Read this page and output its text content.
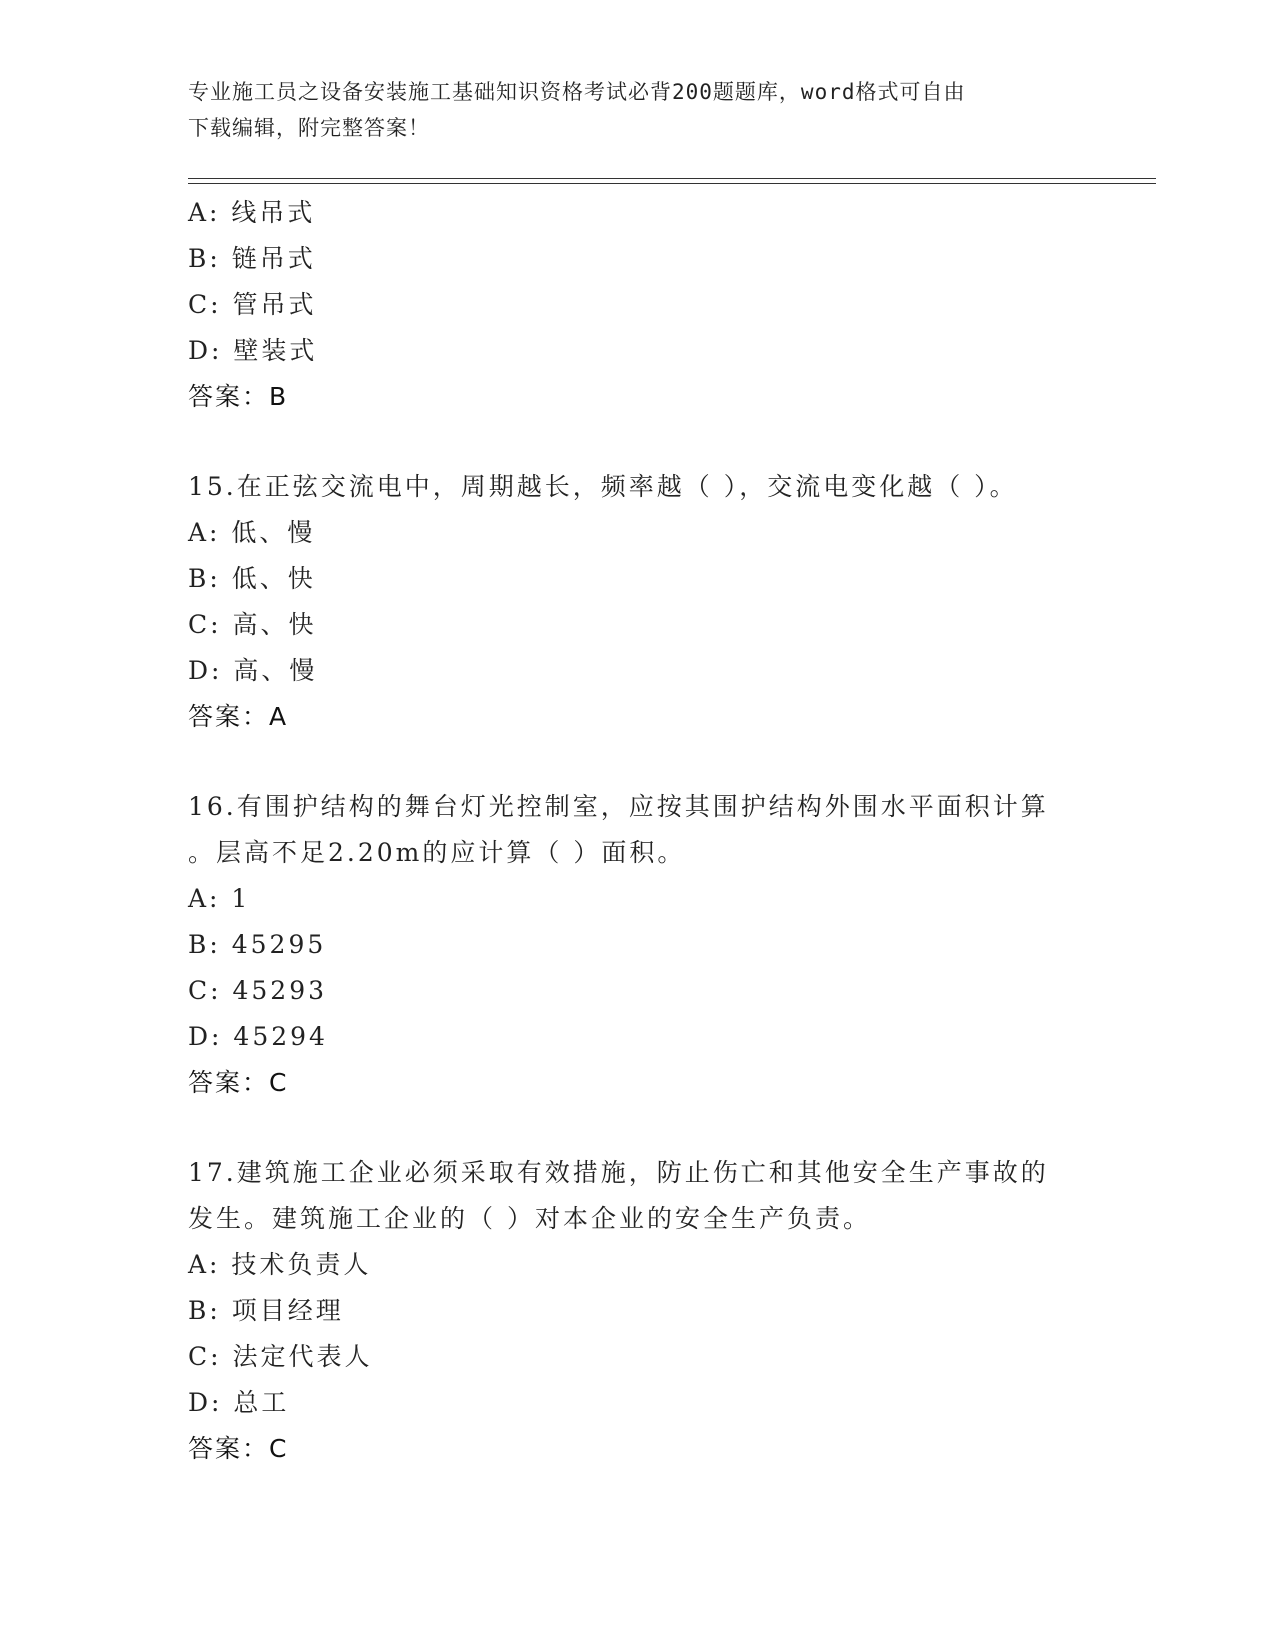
专业施工员之设备安装施工基础知识资格考试必背200题题库，word格式可自由
下载编辑，附完整答案！
A: 线吊式
B: 链吊式
C: 管吊式
D: 壁装式
答案：B
15.在正弦交流电中，周期越长，频率越（ ），交流电变化越（ ）。
A: 低、慢
B: 低、快
C: 高、快
D: 高、慢
答案：A
16.有围护结构的舞台灯光控制室，应按其围护结构外围水平面积计算
。层高不足2.20m的应计算（ ）面积。
A: 1
B: 45295
C: 45293
D: 45294
答案：C
17.建筑施工企业必须采取有效措施，防止伤亡和其他安全生产事故的
发生。建筑施工企业的（ ）对本企业的安全生产负责。
A: 技术负责人
B: 项目经理
C: 法定代表人
D: 总工
答案：C
